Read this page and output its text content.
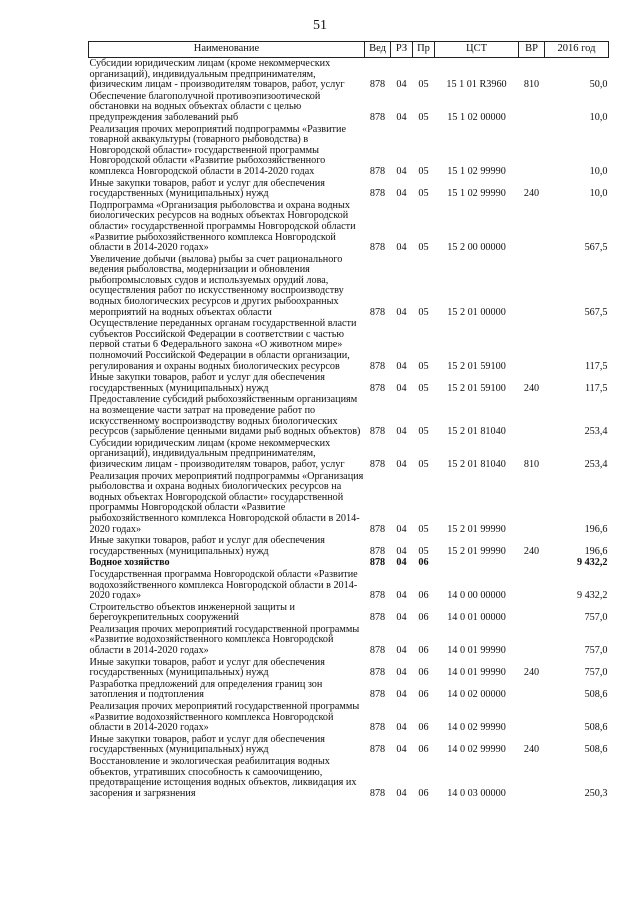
51
Наименование	Вед	РЗ	Пр	ЦСТ	ВР	2016 год
Субсидии юридическим лицам (кроме некоммерческих организаций), индивидуальным предпринимателям, физическим лицам - производителям товаров, работ, услуг	878	04	05	15 1 01 R3960	810	50,0
Обеспечение благополучной противоэпизоотической обстановки на водных объектах области с целью предупреждения заболеваний рыб	878	04	05	15 1 02 00000		10,0
Реализация прочих мероприятий подпрограммы «Развитие товарной аквакультуры (товарного рыбоводства) в Новгородской области» государственной программы Новгородской области «Развитие рыбохозяйственного комплекса Новгородской области в 2014-2020 годах	878	04	05	15 1 02 99990		10,0
Иные закупки товаров, работ и услуг для обеспечения государственных (муниципальных) нужд	878	04	05	15 1 02 99990	240	10,0
Подпрограмма «Организация рыболовства и охрана водных биологических ресурсов на водных объектах Новгородской области» государственной программы Новгородской области «Развитие рыбохозяйственного комплекса Новгородской области в 2014-2020 годах»	878	04	05	15 2 00 00000		567,5
Увеличение добычи (вылова) рыбы за счет рационального ведения рыболовства, модернизации и обновления рыбопромысловых судов и используемых орудий лова, осуществления работ по искусственному воспроизводству водных биологических ресурсов и других рыбоохранных мероприятий на водных объектах области	878	04	05	15 2 01 00000		567,5
Осуществление переданных органам государственной власти субъектов Российской Федерации в соответствии с частью первой статьи 6 Федерального закона «О животном мире» полномочий Российской Федерации в области организации, регулирования и охраны водных биологических ресурсов	878	04	05	15 2 01 59100		117,5
Иные закупки товаров, работ и услуг для обеспечения государственных (муниципальных) нужд	878	04	05	15 2 01 59100	240	117,5
Предоставление субсидий рыбохозяйственным организациям на возмещение части затрат на проведение работ по искусственному воспроизводству водных биологических ресурсов (зарыбление ценными видами рыб водных объектов)	878	04	05	15 2 01 81040		253,4
Субсидии юридическим лицам (кроме некоммерческих организаций), индивидуальным предпринимателям, физическим лицам - производителям товаров, работ, услуг	878	04	05	15 2 01 81040	810	253,4
Реализация прочих мероприятий подпрограммы «Организация рыболовства и охрана водных биологических ресурсов на водных объектах Новгородской области» государственной программы Новгородской области «Развитие рыбохозяйственного комплекса Новгородской области в 2014-2020 годах»	878	04	05	15 2 01 99990		196,6
Иные закупки товаров, работ и услуг для обеспечения государственных (муниципальных) нужд	878	04	05	15 2 01 99990	240	196,6
Водное хозяйство	878	04	06			9 432,2
Государственная программа Новгородской области «Развитие водохозяйственного комплекса Новгородской области в 2014-2020 годах»	878	04	06	14 0 00 00000		9 432,2
Строительство объектов инженерной защиты и берегоукрепительных сооружений	878	04	06	14 0 01 00000		757,0
Реализация прочих мероприятий государственной программы «Развитие водохозяйственного комплекса Новгородской области в 2014-2020 годах»	878	04	06	14 0 01 99990		757,0
Иные закупки товаров, работ и услуг для обеспечения государственных (муниципальных) нужд	878	04	06	14 0 01 99990	240	757,0
Разработка предложений для определения границ зон затопления и подтопления	878	04	06	14 0 02 00000		508,6
Реализация прочих мероприятий государственной программы «Развитие водохозяйственного комплекса Новгородской области в 2014-2020 годах»	878	04	06	14 0 02 99990		508,6
Иные закупки товаров, работ и услуг для обеспечения государственных (муниципальных) нужд	878	04	06	14 0 02 99990	240	508,6
Восстановление и экологическая реабилитация водных объектов, утративших способность к самоочищению, предотвращение истощения водных объектов, ликвидация их засорения и загрязнения	878	04	06	14 0 03 00000		250,3
